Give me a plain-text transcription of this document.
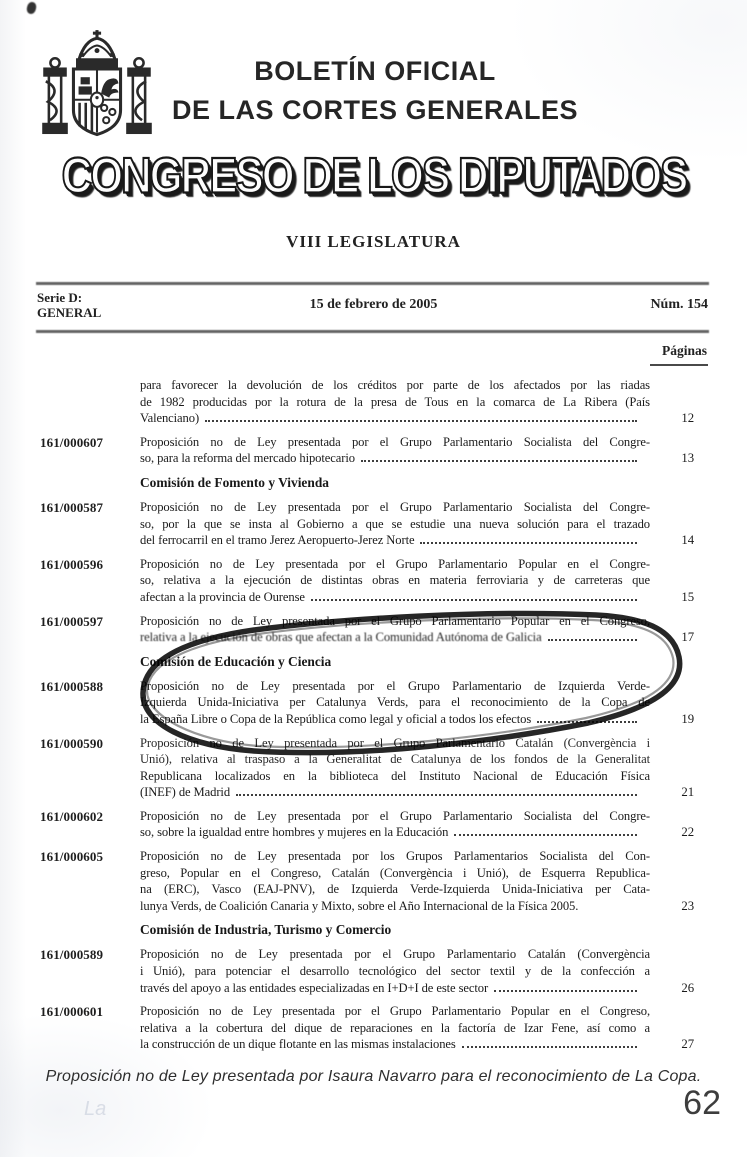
BOLETÍN OFICIAL
DE LAS CORTES GENERALES
CONGRESO DE LOS DIPUTADOS
VIII LEGISLATURA
Serie D:
GENERAL
15 de febrero de 2005	Núm. 154
Páginas
para favorecer la devolución de los créditos por parte de los afectados por las riadas
de 1982 producidas por la rotura de la presa de Tous en la comarca de La Ribera (País
Valenciano)	12
161/000607	Proposición no de Ley presentada por el Grupo Parlamentario Socialista del Congre-
so, para la reforma del mercado hipotecario	13
Comisión de Fomento y Vivienda
161/000587	Proposición no de Ley presentada por el Grupo Parlamentario Socialista del Congre-
so, por la que se insta al Gobierno a que se estudie una nueva solución para el trazado
del ferrocarril en el tramo Jerez Aeropuerto-Jerez Norte	14
161/000596	Proposición no de Ley presentada por el Grupo Parlamentario Popular en el Congre-
so, relativa a la ejecución de distintas obras en materia ferroviaria y de carreteras que
afectan a la provincia de Ourense	15
161/000597	Proposición no de Ley presentada por el Grupo Parlamentario Popular en el Congreso,
relativa a la ejecución de obras que afectan a la Comunidad Autónoma de Galicia	17
Comisión de Educación y Ciencia
161/000588	Proposición no de Ley presentada por el Grupo Parlamentario de Izquierda Verde-
Izquierda Unida-Iniciativa per Catalunya Verds, para el reconocimiento de la Copa de
la España Libre o Copa de la República como legal y oficial a todos los efectos	19
161/000590	Proposición no de Ley presentada por el Grupo Parlamentario Catalán (Convergència i
Unió), relativa al traspaso a la Generalitat de Catalunya de los fondos de la Generalitat
Republicana localizados en la biblioteca del Instituto Nacional de Educación Física
(INEF) de Madrid	21
161/000602	Proposición no de Ley presentada por el Grupo Parlamentario Socialista del Congre-
so, sobre la igualdad entre hombres y mujeres en la Educación	22
161/000605	Proposición no de Ley presentada por los Grupos Parlamentarios Socialista del Con-
greso, Popular en el Congreso, Catalán (Convergència i Unió), de Esquerra Republica-
na (ERC), Vasco (EAJ-PNV), de Izquierda Verde-Izquierda Unida-Iniciativa per Cata-
lunya Verds, de Coalición Canaria y Mixto, sobre el Año Internacional de la Física 2005.	23
Comisión de Industria, Turismo y Comercio
161/000589	Proposición no de Ley presentada por el Grupo Parlamentario Catalán (Convergència
i Unió), para potenciar el desarrollo tecnológico del sector textil y de la confección a
través del apoyo a las entidades especializadas en I+D+I de este sector	26
161/000601	Proposición no de Ley presentada por el Grupo Parlamentario Popular en el Congreso,
relativa a la cobertura del dique de reparaciones en la factoría de Izar Fene, así como a
la construcción de un dique flotante en las mismas instalaciones	27
Proposición no de Ley presentada por Isaura Navarro para el reconocimiento de La Copa.
62
La
